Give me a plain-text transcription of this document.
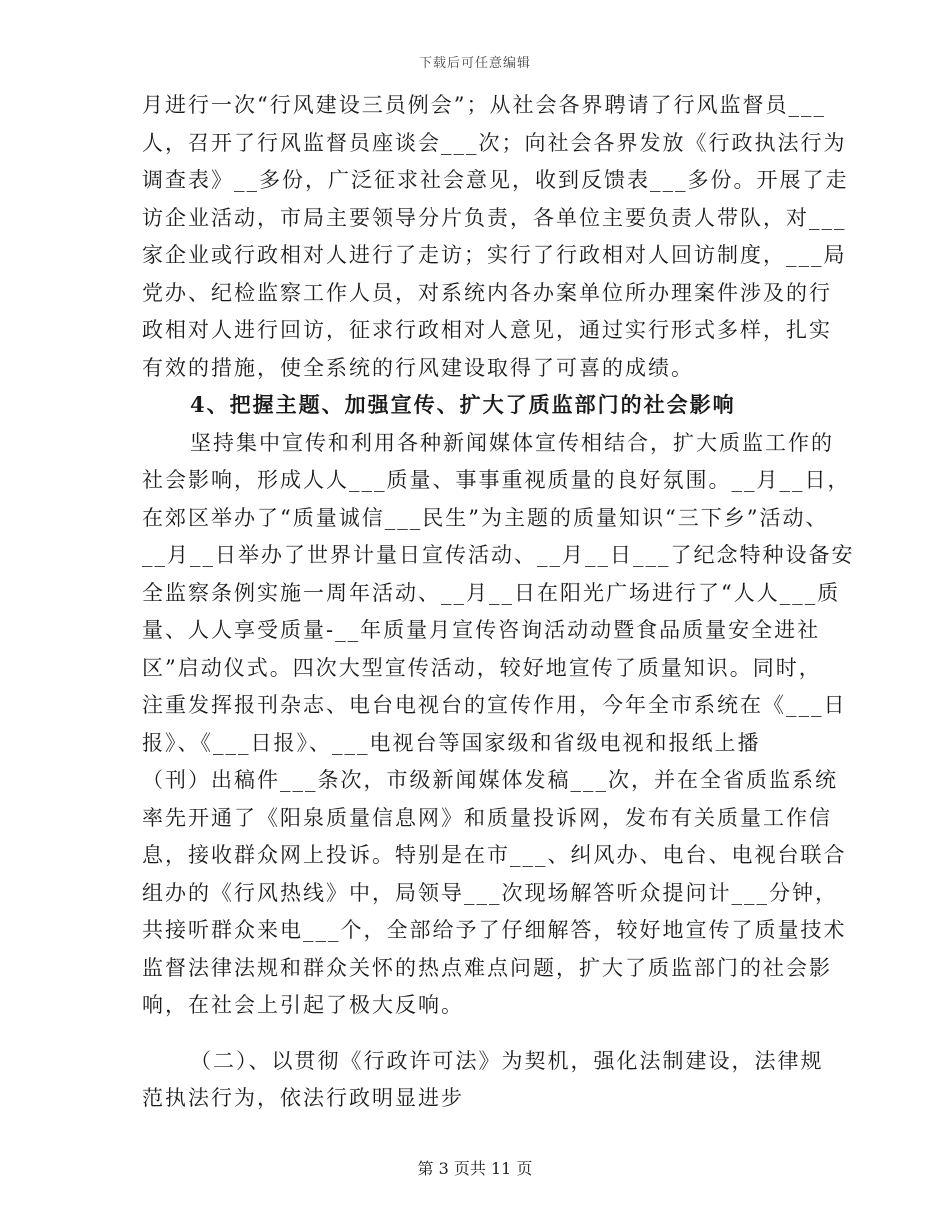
下载后可任意编辑
月进行一次“行风建设三员例会”；从社会各界聘请了行风监督员___
人，召开了行风监督员座谈会___次；向社会各界发放《行政执法行为
调查表》__多份，广泛征求社会意见，收到反馈表___多份。开展了走
访企业活动，市局主要领导分片负责，各单位主要负责人带队，对___
家企业或行政相对人进行了走访；实行了行政相对人回访制度，___局
党办、纪检监察工作人员，对系统内各办案单位所办理案件涉及的行
政相对人进行回访，征求行政相对人意见，通过实行形式多样，扎实
有效的措施，使全系统的行风建设取得了可喜的成绩。
4、把握主题、加强宣传、扩大了质监部门的社会影响
坚持集中宣传和利用各种新闻媒体宣传相结合，扩大质监工作的
社会影响，形成人人___质量、事事重视质量的良好氛围。__月__日，
在郊区举办了“质量诚信___民生”为主题的质量知识“三下乡”活动、
__月__日举办了世界计量日宣传活动、__月__日___了纪念特种设备安
全监察条例实施一周年活动、__月__日在阳光广场进行了“人人___质
量、人人享受质量-__年质量月宣传咨询活动动暨食品质量安全进社
区”启动仪式。四次大型宣传活动，较好地宣传了质量知识。同时，
注重发挥报刊杂志、电台电视台的宣传作用，今年全市系统在《___日
报》、《___日报》、___电视台等国家级和省级电视和报纸上播
（刊）出稿件___条次，市级新闻媒体发稿___次，并在全省质监系统
率先开通了《阳泉质量信息网》和质量投诉网，发布有关质量工作信
息，接收群众网上投诉。特别是在市___、纠风办、电台、电视台联合
组办的《行风热线》中，局领导___次现场解答听众提问计___分钟，
共接听群众来电___个，全部给予了仔细解答，较好地宣传了质量技术
监督法律法规和群众关怀的热点难点问题，扩大了质监部门的社会影
响，在社会上引起了极大反响。
（二）、以贯彻《行政许可法》为契机，强化法制建设，法律规
范执法行为，依法行政明显进步
第 3 页共 11 页
